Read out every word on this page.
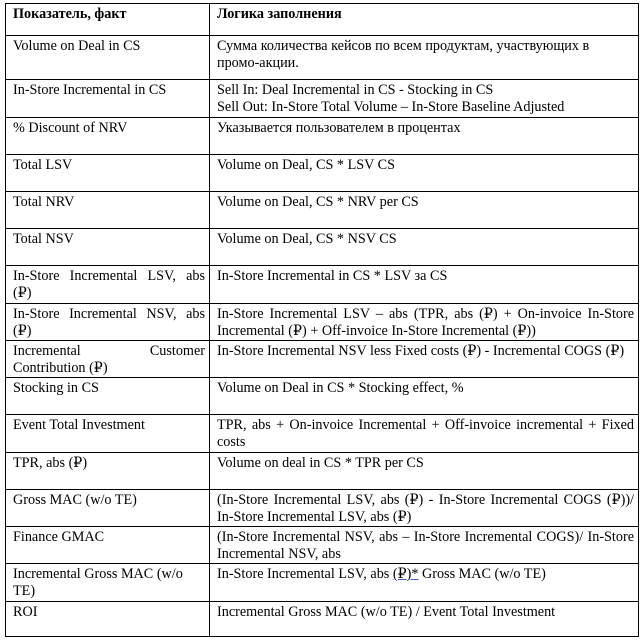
Показатель, факт	Логика заполнения
Volume on Deal in CS	Сумма количества кейсов по всем продуктам, участвующих в промо-акции.
In-Store Incremental in CS	Sell In: Deal Incremental in CS - Stocking in CS
Sell Out: In-Store Total Volume – In-Store Baseline Adjusted

% Discount of NRV	Указывается пользователем в процентах
Total LSV	Volume on Deal, CS * LSV CS
Total NRV	Volume on Deal, CS * NRV per CS
Total NSV	Volume on Deal, CS * NSV CS
In-Store Incremental LSV, abs (₽)	In-Store Incremental in CS * LSV за CS
In-Store Incremental NSV, abs (₽)	In-Store Incremental LSV – abs (TPR, abs (₽) + On-invoice In-Store Incremental (₽) + Off-invoice In-Store Incremental (₽))
Incremental Customer Contribution (₽)	In-Store Incremental NSV less Fixed costs (₽) - Incremental COGS (₽)
Stocking in CS	Volume on Deal in CS * Stocking effect, %
Event Total Investment	TPR, abs + On-invoice Incremental + Off-invoice incremental + Fixed costs
TPR, abs (₽)	Volume on deal in CS * TPR per CS
Gross MAC (w/o TE)	(In-Store Incremental LSV, abs (₽) - In-Store Incremental COGS (₽))/ In-Store Incremental LSV, abs (₽)
Finance GMAC	(In-Store Incremental NSV, abs – In-Store Incremental COGS)/ In-Store Incremental NSV, abs
Incremental Gross MAC (w/o TE)	In-Store Incremental LSV, abs (₽)* Gross MAC (w/o TE)
ROI	Incremental Gross MAC (w/o TE) / Event Total Investment
